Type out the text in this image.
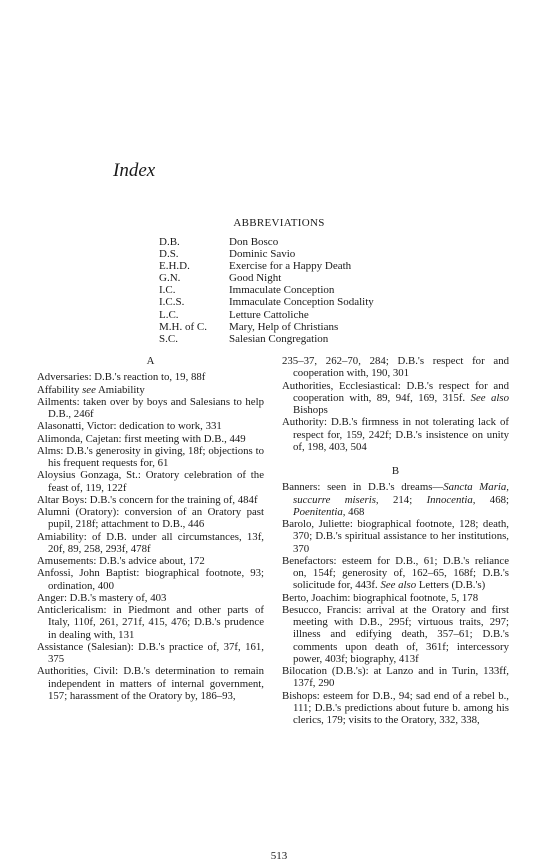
Index
ABBREVIATIONS
D.B.	Don Bosco
D.S.	Dominic Savio
E.H.D.	Exercise for a Happy Death
G.N.	Good Night
I.C.	Immaculate Conception
I.C.S.	Immaculate Conception Sodality
L.C.	Letture Cattoliche
M.H. of C.	Mary, Help of Christians
S.C.	Salesian Congregation
A

Adversaries: D.B.'s reaction to, 19, 88f

Affability see Amiability

Ailments: taken over by boys and Salesians to help D.B., 246f

Alasonatti, Victor: dedication to work, 331

Alimonda, Cajetan: first meeting with D.B., 449

Alms: D.B.'s generosity in giving, 18f; objections to his frequent requests for, 61

Aloysius Gonzaga, St.: Oratory celebration of the feast of, 119, 122f

Altar Boys: D.B.'s concern for the training of, 484f

Alumni (Oratory): conversion of an Oratory past pupil, 218f; attachment to D.B., 446

Amiability: of D.B. under all circumstances, 13f, 20f, 89, 258, 293f, 478f

Amusements: D.B.'s advice about, 172

Anfossi, John Baptist: biographical footnote, 93; ordination, 400

Anger: D.B.'s mastery of, 403

Anticlericalism: in Piedmont and other parts of Italy, 110f, 261, 271f, 415, 476; D.B.'s prudence in dealing with, 131

Assistance (Salesian): D.B.'s practice of, 37f, 161, 375

Authorities, Civil: D.B.'s determination to remain independent in matters of internal government, 157; harassment of the Oratory by, 186–93,

235–37, 262–70, 284; D.B.'s respect for and cooperation with, 190, 301

Authorities, Ecclesiastical: D.B.'s respect for and cooperation with, 89, 94f, 169, 315f. See also Bishops

Authority: D.B.'s firmness in not tolerating lack of respect for, 159, 242f; D.B.'s insistence on unity of, 198, 403, 504

B

Banners: seen in D.B.'s dreams—Sancta Maria, succurre miseris, 214; Innocentia, 468; Poenitentia, 468

Barolo, Juliette: biographical footnote, 128; death, 370; D.B.'s spiritual assistance to her institutions, 370

Benefactors: esteem for D.B., 61; D.B.'s reliance on, 154f; generosity of, 162–65, 168f; D.B.'s solicitude for, 443f. See also Letters (D.B.'s)

Berto, Joachim: biographical footnote, 5, 178

Besucco, Francis: arrival at the Oratory and first meeting with D.B., 295f; virtuous traits, 297; illness and edifying death, 357–61; D.B.'s comments upon death of, 361f; intercessory power, 403f; biography, 413f

Bilocation (D.B.'s): at Lanzo and in Turin, 133ff, 137f, 290

Bishops: esteem for D.B., 94; sad end of a rebel b., 111; D.B.'s predictions about future b. among his clerics, 179; visits to the Oratory, 332, 338,

513
